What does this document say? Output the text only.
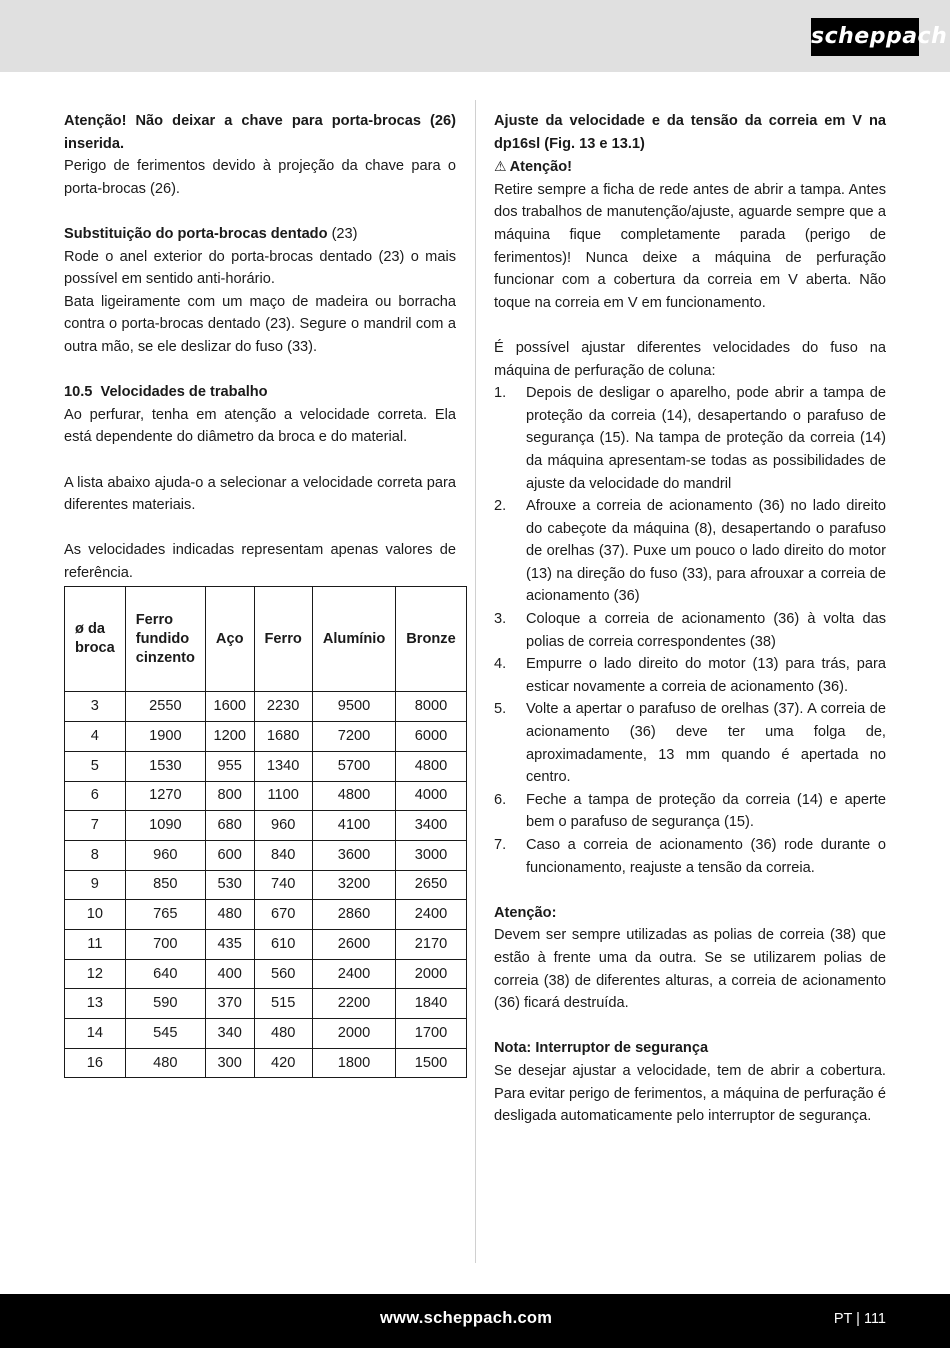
scheppach

Atenção! Não deixar a chave para porta-brocas (26) inserida.

Perigo de ferimentos devido à projeção da chave para o porta-brocas (26).

Substituição do porta-brocas dentado (23)

Rode o anel exterior do porta-brocas dentado (23) o mais possível em sentido anti-horário.

Bata ligeiramente com um maço de madeira ou borracha contra o porta-brocas dentado (23). Segure o mandril com a outra mão, se ele deslizar do fuso (33).

10.5  Velocidades de trabalho

Ao perfurar, tenha em atenção a velocidade correta. Ela está dependente do diâmetro da broca e do material.

A lista abaixo ajuda-o a selecionar a velocidade correta para diferentes materiais.

As velocidades indicadas representam apenas valores de referência.

ø da broca	Ferro fundido cinzento	Aço	Ferro	Alumínio	Bronze
3	2550	1600	2230	9500	8000
4	1900	1200	1680	7200	6000
5	1530	955	1340	5700	4800
6	1270	800	1100	4800	4000
7	1090	680	960	4100	3400
8	960	600	840	3600	3000
9	850	530	740	3200	2650
10	765	480	670	2860	2400
11	700	435	610	2600	2170
12	640	400	560	2400	2000
13	590	370	515	2200	1840
14	545	340	480	2000	1700
16	480	300	420	1800	1500

Ajuste da velocidade e da tensão da correia em V na dp16sl (Fig. 13 e 13.1)

⚠ Atenção!

Retire sempre a ficha de rede antes de abrir a tampa. Antes dos trabalhos de manutenção/ajuste, aguarde sempre que a máquina fique completamente parada (perigo de ferimentos)! Nunca deixe a máquina de perfuração funcionar com a cobertura da correia em V aberta. Não toque na correia em V em funcionamento.

É possível ajustar diferentes velocidades do fuso na máquina de perfuração de coluna:

1. Depois de desligar o aparelho, pode abrir a tampa de proteção da correia (14), desapertando o parafuso de segurança (15). Na tampa de proteção da correia (14) da máquina apresentam-se todas as possibilidades de ajuste da velocidade do mandril
2. Afrouxe a correia de acionamento (36) no lado direito do cabeçote da máquina (8), desapertando o parafuso de orelhas (37). Puxe um pouco o lado direito do motor (13) na direção do fuso (33), para afrouxar a correia de acionamento (36)
3. Coloque a correia de acionamento (36) à volta das polias de correia correspondentes (38)
4. Empurre o lado direito do motor (13) para trás, para esticar novamente a correia de acionamento (36).
5. Volte a apertar o parafuso de orelhas (37). A correia de acionamento (36) deve ter uma folga de, aproximadamente, 13 mm quando é apertada no centro.
6. Feche a tampa de proteção da correia (14) e aperte bem o parafuso de segurança (15).
7. Caso a correia de acionamento (36) rode durante o funcionamento, reajuste a tensão da correia.

Atenção:

Devem ser sempre utilizadas as polias de correia (38) que estão à frente uma da outra. Se se utilizarem polias de correia (38) de diferentes alturas, a correia de acionamento (36) ficará destruída.

Nota: Interruptor de segurança

Se desejar ajustar a velocidade, tem de abrir a cobertura. Para evitar perigo de ferimentos, a máquina de perfuração é desligada automaticamente pelo interruptor de segurança.

www.scheppach.com	PT | 111
